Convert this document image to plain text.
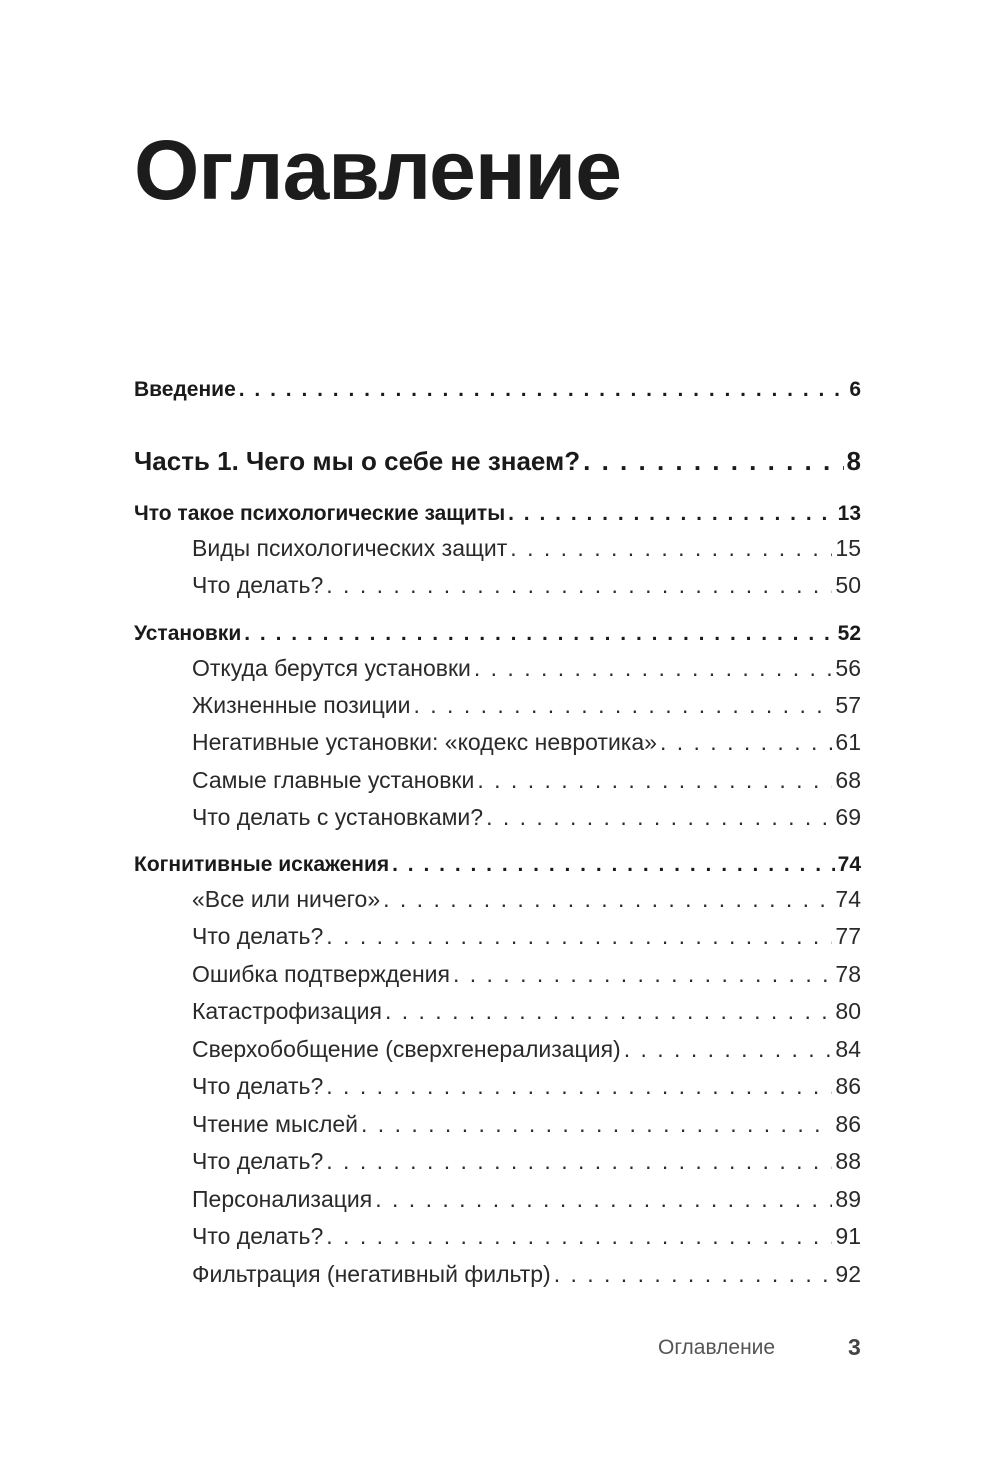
Оглавление
Введение . . .	6
Часть 1. Чего мы о себе не знаем? . . .	8
Что такое психологические защиты . . .	13
Виды психологических защит . . .	15
Что делать? . . .	50
Установки . . .	52
Откуда берутся установки . . .	56
Жизненные позиции . . .	57
Негативные установки: «кодекс невротика» . . .	61
Самые главные установки . . .	68
Что делать с установками? . . .	69
Когнитивные искажения . . .	74
«Все или ничего» . . .	74
Что делать? . . .	77
Ошибка подтверждения . . .	78
Катастрофизация . . .	80
Сверхобобщение (сверхгенерализация) . . .	84
Что делать? . . .	86
Чтение мыслей . . .	86
Что делать? . . .	88
Персонализация . . .	89
Что делать? . . .	91
Фильтрация (негативный фильтр) . . .	92
Оглавление	3
